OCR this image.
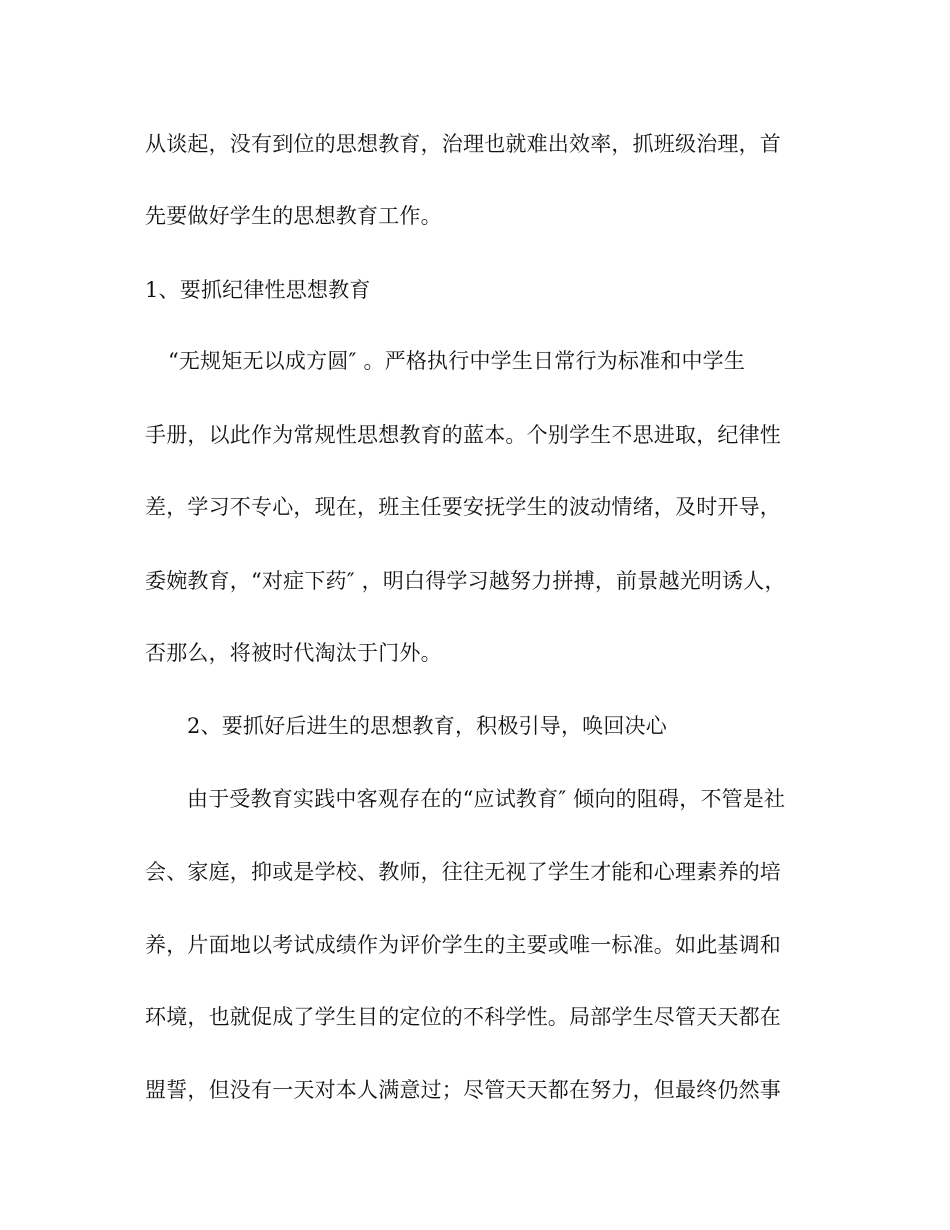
从谈起，没有到位的思想教育，治理也就难出效率，抓班级治理，首
先要做好学生的思想教育工作。
1、要抓纪律性思想教育
“无规矩无以成方圆″ 。严格执行中学生日常行为标准和中学生
手册，以此作为常规性思想教育的蓝本。个别学生不思进取，纪律性
差，学习不专心，现在，班主任要安抚学生的波动情绪，及时开导，
委婉教育，“对症下药″ ，明白得学习越努力拼搏，前景越光明诱人，
否那么，将被时代淘汰于门外。
2、要抓好后进生的思想教育，积极引导，唤回决心
由于受教育实践中客观存在的“应试教育″ 倾向的阻碍，不管是社
会、家庭，抑或是学校、教师，往往无视了学生才能和心理素养的培
养，片面地以考试成绩作为评价学生的主要或唯一标准。如此基调和
环境，也就促成了学生目的定位的不科学性。局部学生尽管天天都在
盟誓，但没有一天对本人满意过；尽管天天都在努力，但最终仍然事
